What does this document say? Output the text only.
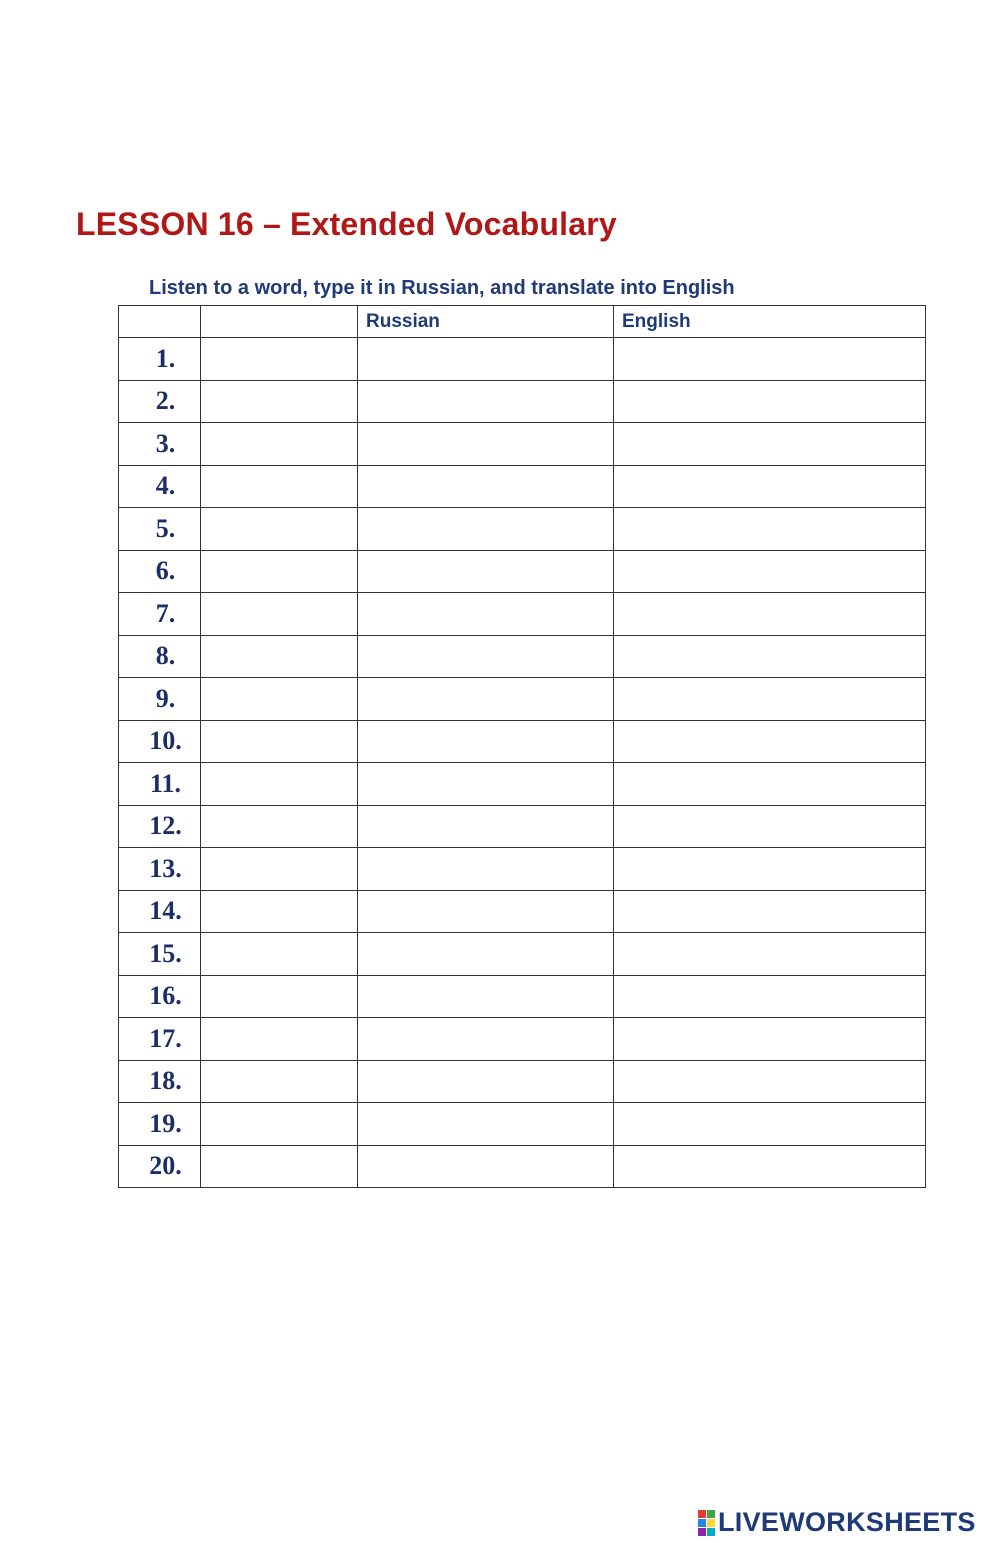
LESSON 16 – Extended Vocabulary

Listen to a word, type it in Russian, and translate into English

		Russian	English
1.			
2.			
3.			
4.			
5.			
6.			
7.			
8.			
9.			
10.			
11.			
12.			
13.			
14.			
15.			
16.			
17.			
18.			
19.			
20.			
LIVEWORKSHEETS
